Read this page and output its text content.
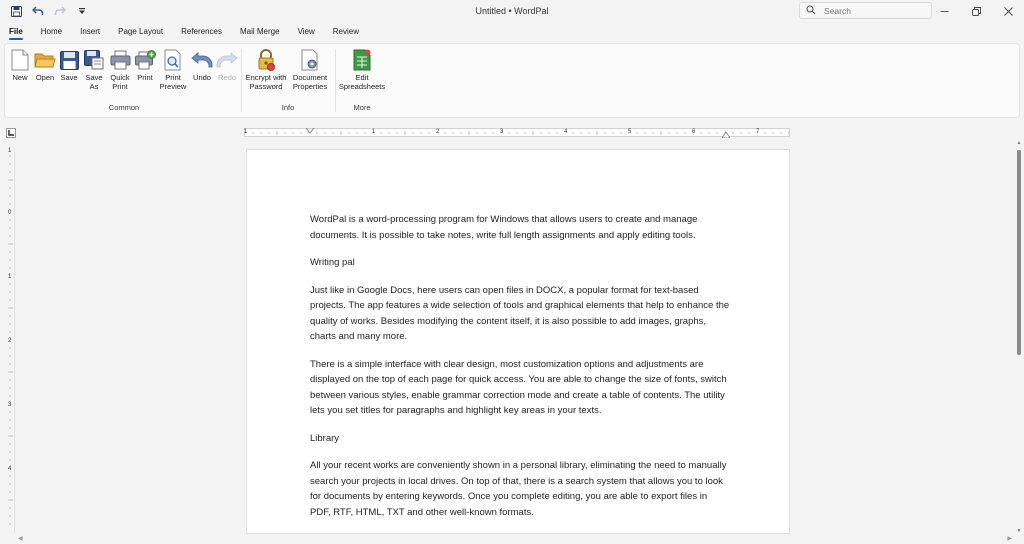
Untitled • WordPal
Search
File	Home	Insert	Page Layout	References	Mail Merge	View	Review
New Open Save Save
As
Quick
Print
Print	Print
Preview
Undo Redo
Common
Encrypt with
Password
Document
Properties
Info
Edit
Spreadsheets
More
1	1	2	3	4	5	6	7
1
0
1
2
3
4

WordPal is a word-processing program for Windows that allows users to create and manage documents. It is possible to take notes, write full length assignments and apply editing tools.

Writing pal

Just like in Google Docs, here users can open files in DOCX, a popular format for text-based projects. The app features a wide selection of tools and graphical elements that help to enhance the quality of works. Besides modifying the content itself, it is also possible to add images, graphs, charts and many more.

There is a simple interface with clear design, most customization options and adjustments are displayed on the top of each page for quick access. You are able to change the size of fonts, switch between various styles, enable grammar correction mode and create a table of contents. The utility lets you set titles for paragraphs and highlight key areas in your texts.

Library

All your recent works are conveniently shown in a personal library, eliminating the need to manually search your projects in local drives. On top of that, there is a search system that allows you to look for documents by entering keywords. Once you complete editing, you are able to export files in PDF, RTF, HTML, TXT and other well-known formats.

▲
▼
◀	▶
